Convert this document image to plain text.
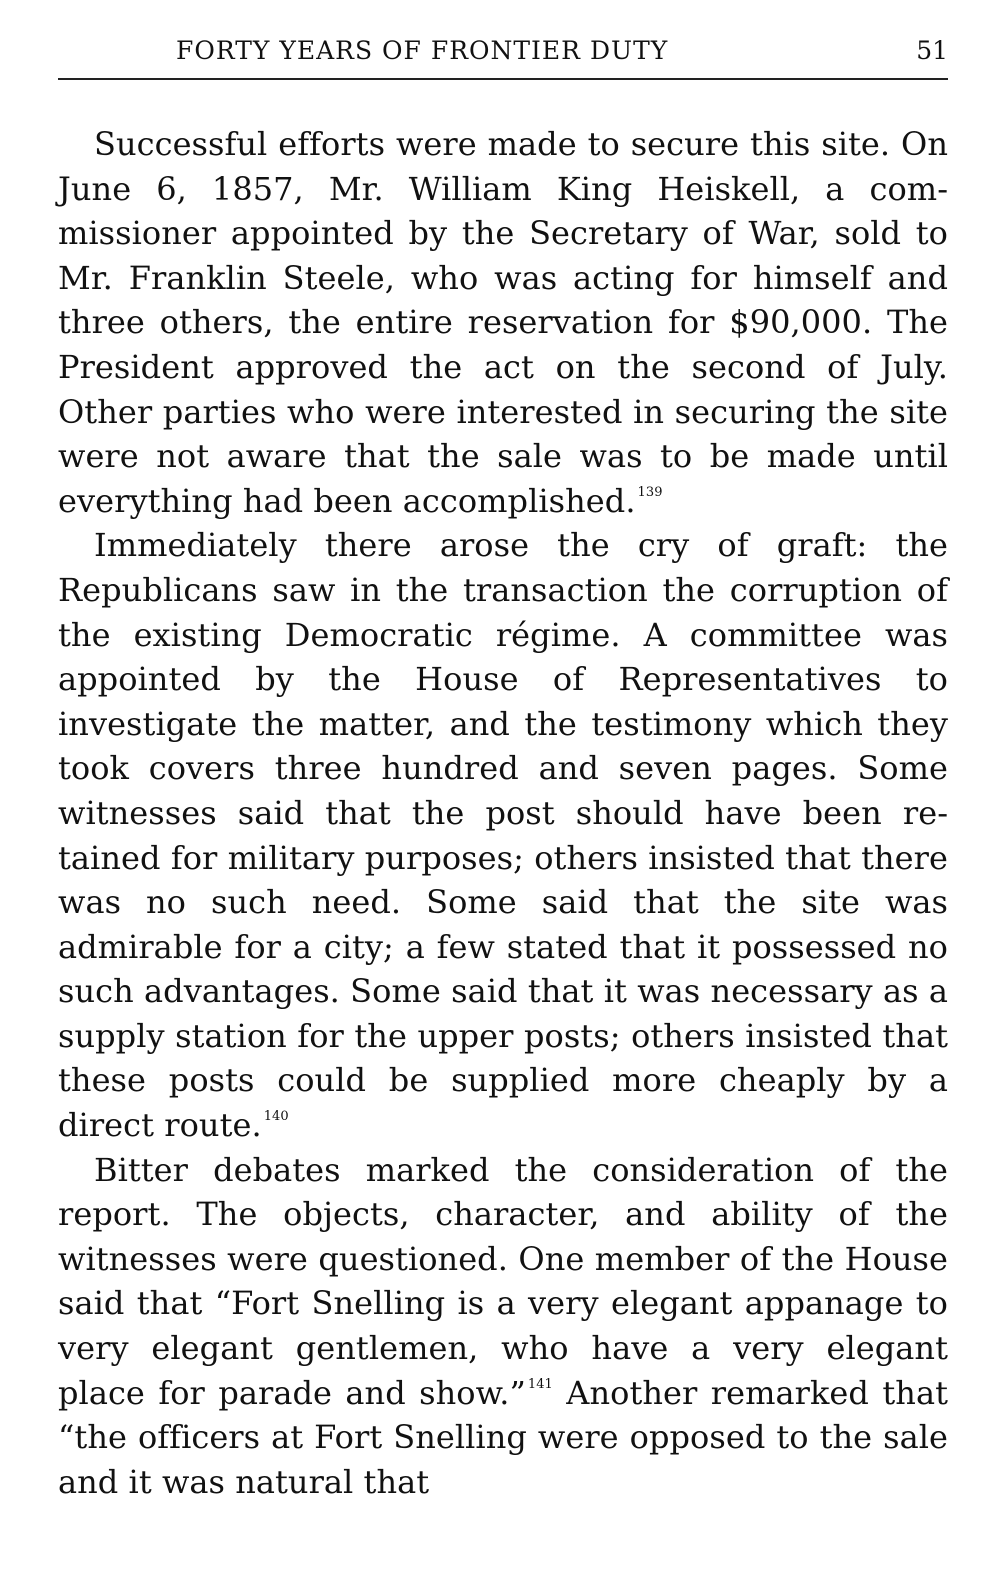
FORTY YEARS OF FRONTIER DUTY	51

Successful efforts were made to secure this site. On June 6, 1857, Mr. William King Heiskell, a commissioner appointed by the Secretary of War, sold to Mr. Franklin Steele, who was acting for himself and three others, the entire reservation for $90,000. The President approved the act on the second of July. Other parties who were interested in securing the site were not aware that the sale was to be made until everything had been accomplished. $^{139}$

Immediately there arose the cry of graft: the Republicans saw in the transaction the corruption of the existing Democratic régime. A committee was appointed by the House of Representatives to investigate the matter, and the testimony which they took covers three hundred and seven pages. Some witnesses said that the post should have been retained for military purposes; others insisted that there was no such need. Some said that the site was admirable for a city; a few stated that it possessed no such advantages. Some said that it was necessary as a supply station for the upper posts; others insisted that these posts could be supplied more cheaply by a direct route. $^{140}$

Bitter debates marked the consideration of the report. The objects, character, and ability of the witnesses were questioned. One member of the House said that “Fort Snelling is a very elegant appanage to very elegant gentlemen, who have a very elegant place for parade and show.” $^{141}$ Another remarked that “the officers at Fort Snelling were opposed to the sale and it was natural that
